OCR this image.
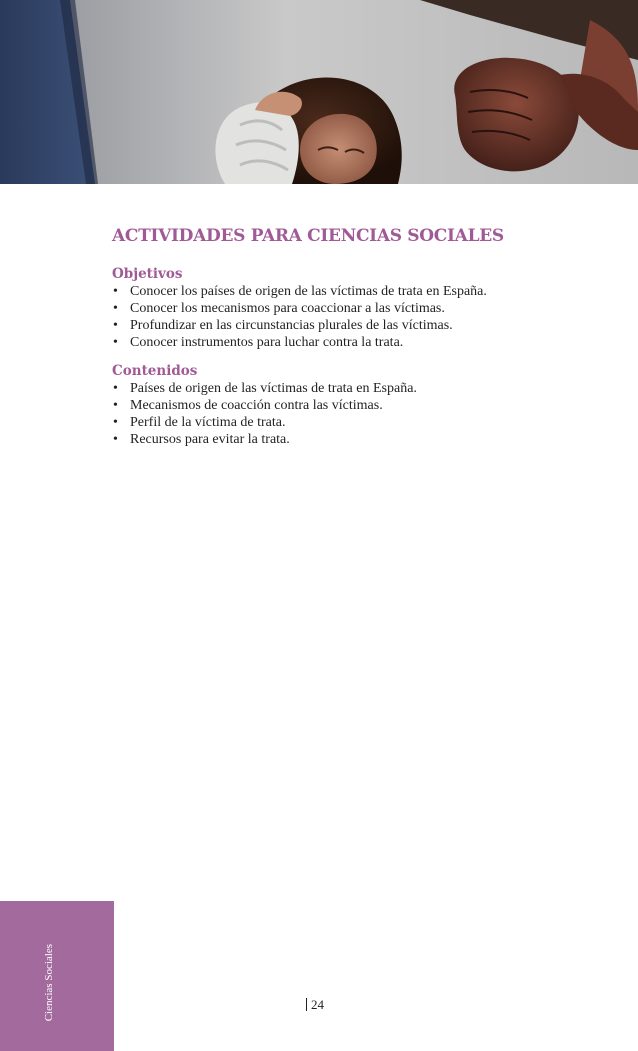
ACTIVIDADES PARA CIENCIAS SOCIALES
Objetivos
• Conocer los países de origen de las víctimas de trata en España.
• Conocer los mecanismos para coaccionar a las víctimas.
• Profundizar en las circunstancias plurales de las víctimas.
• Conocer instrumentos para luchar contra la trata.
Contenidos
• Países de origen de las víctimas de trata en España.
• Mecanismos de coacción contra las víctimas.
• Perfil de la víctima de trata.
• Recursos para evitar la trata.
Ciencias Sociales	24
